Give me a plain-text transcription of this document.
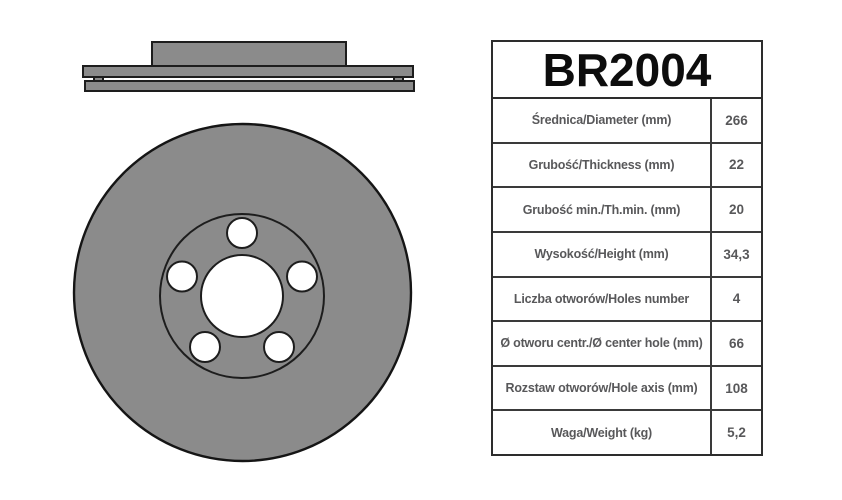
BR2004
Średnica/Diameter (mm)	266
Grubość/Thickness (mm)	22
Grubość min./Th.min. (mm)	20
Wysokość/Height (mm)	34,3
Liczba otworów/Holes number	4
Ø otworu centr./Ø center hole (mm)	66
Rozstaw otworów/Hole axis (mm)	108
Waga/Weight (kg)	5,2
